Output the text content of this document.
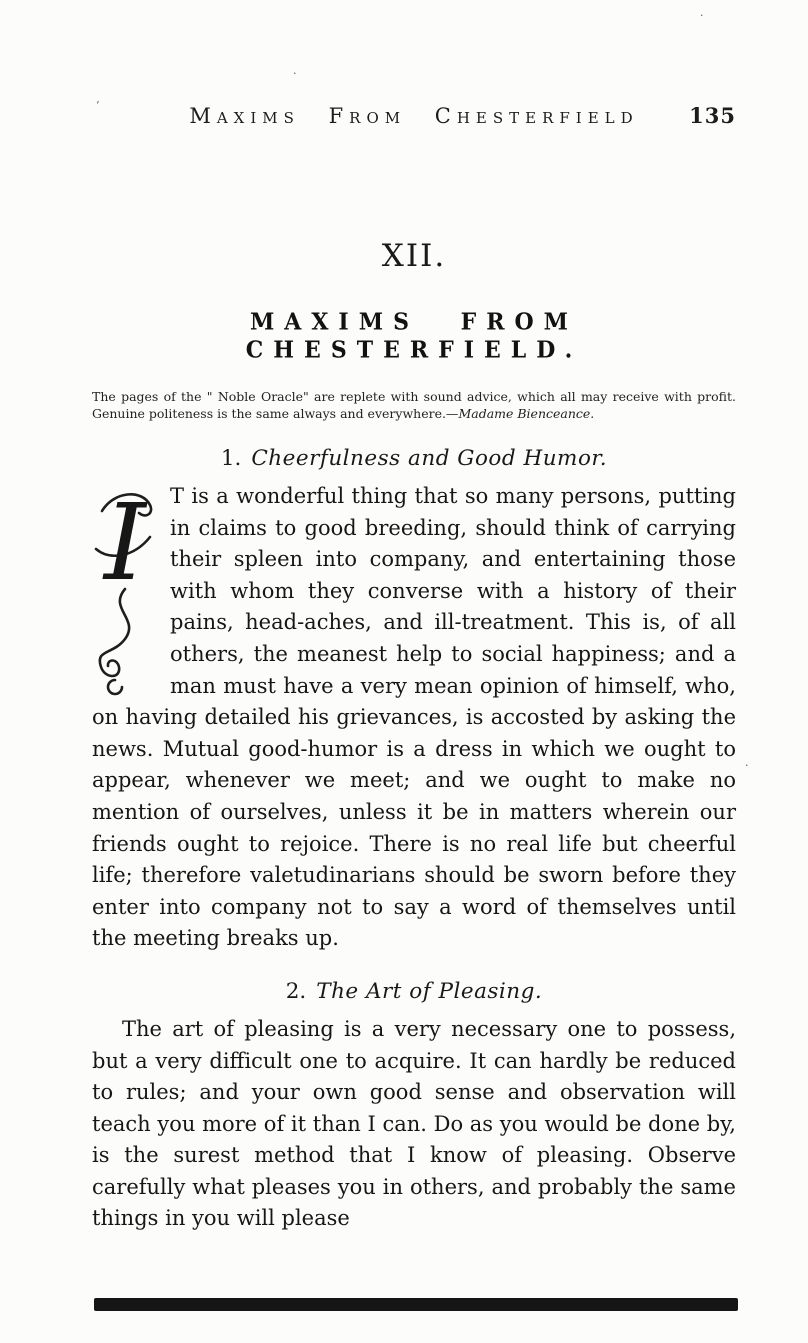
Maxims From Chesterfield 135
XII.
MAXIMS FROM CHESTERFIELD.

The pages of the " Noble Oracle" are replete with sound advice, which all may receive with profit. Genuine politeness is the same always and everywhere.—Madame Bienceance.

1. Cheerfulness and Good Humor.

I T is a wonderful thing that so many persons, putting in claims to good breeding, should think of carrying their spleen into company, and entertaining those with whom they converse with a history of their pains, head-aches, and ill-treatment. This is, of all others, the meanest help to social happiness; and a man must have a very mean opinion of himself, who, on having detailed his grievances, is accosted by asking the news. Mutual good-humor is a dress in which we ought to appear, whenever we meet; and we ought to make no mention of ourselves, unless it be in matters wherein our friends ought to rejoice. There is no real life but cheerful life; therefore valetudinarians should be sworn before they enter into company not to say a word of themselves until the meeting breaks up.

2. The Art of Pleasing.

The art of pleasing is a very necessary one to possess, but a very difficult one to acquire. It can hardly be reduced to rules; and your own good sense and observation will teach you more of it than I can. Do as you would be done by, is the surest method that I know of pleasing. Observe carefully what pleases you in others, and probably the same things in you will please

’
·
·
·
